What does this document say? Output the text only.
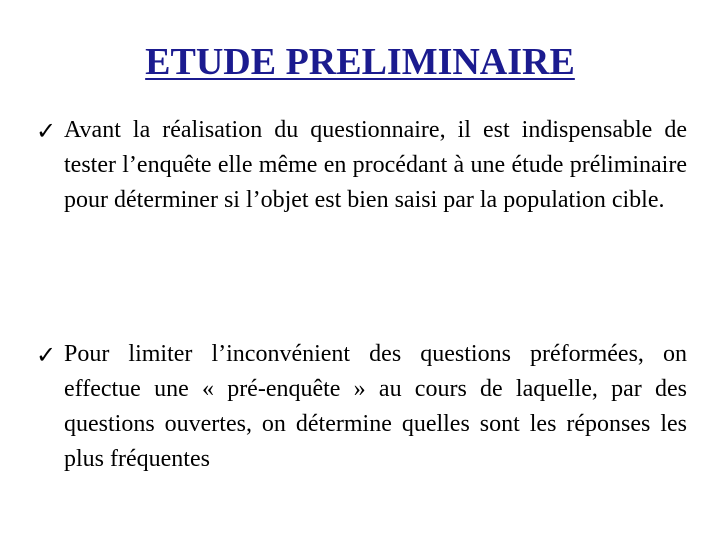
ETUDE PRELIMINAIRE
✓ Avant la réalisation du questionnaire, il est indispensable de tester l’enquête elle même en procédant à une étude préliminaire pour déterminer si l’objet est bien saisi par la population cible.
✓ Pour limiter l’inconvénient des questions préformées, on effectue une « pré-enquête » au cours de laquelle, par des questions ouvertes, on détermine quelles sont les réponses les plus fréquentes
